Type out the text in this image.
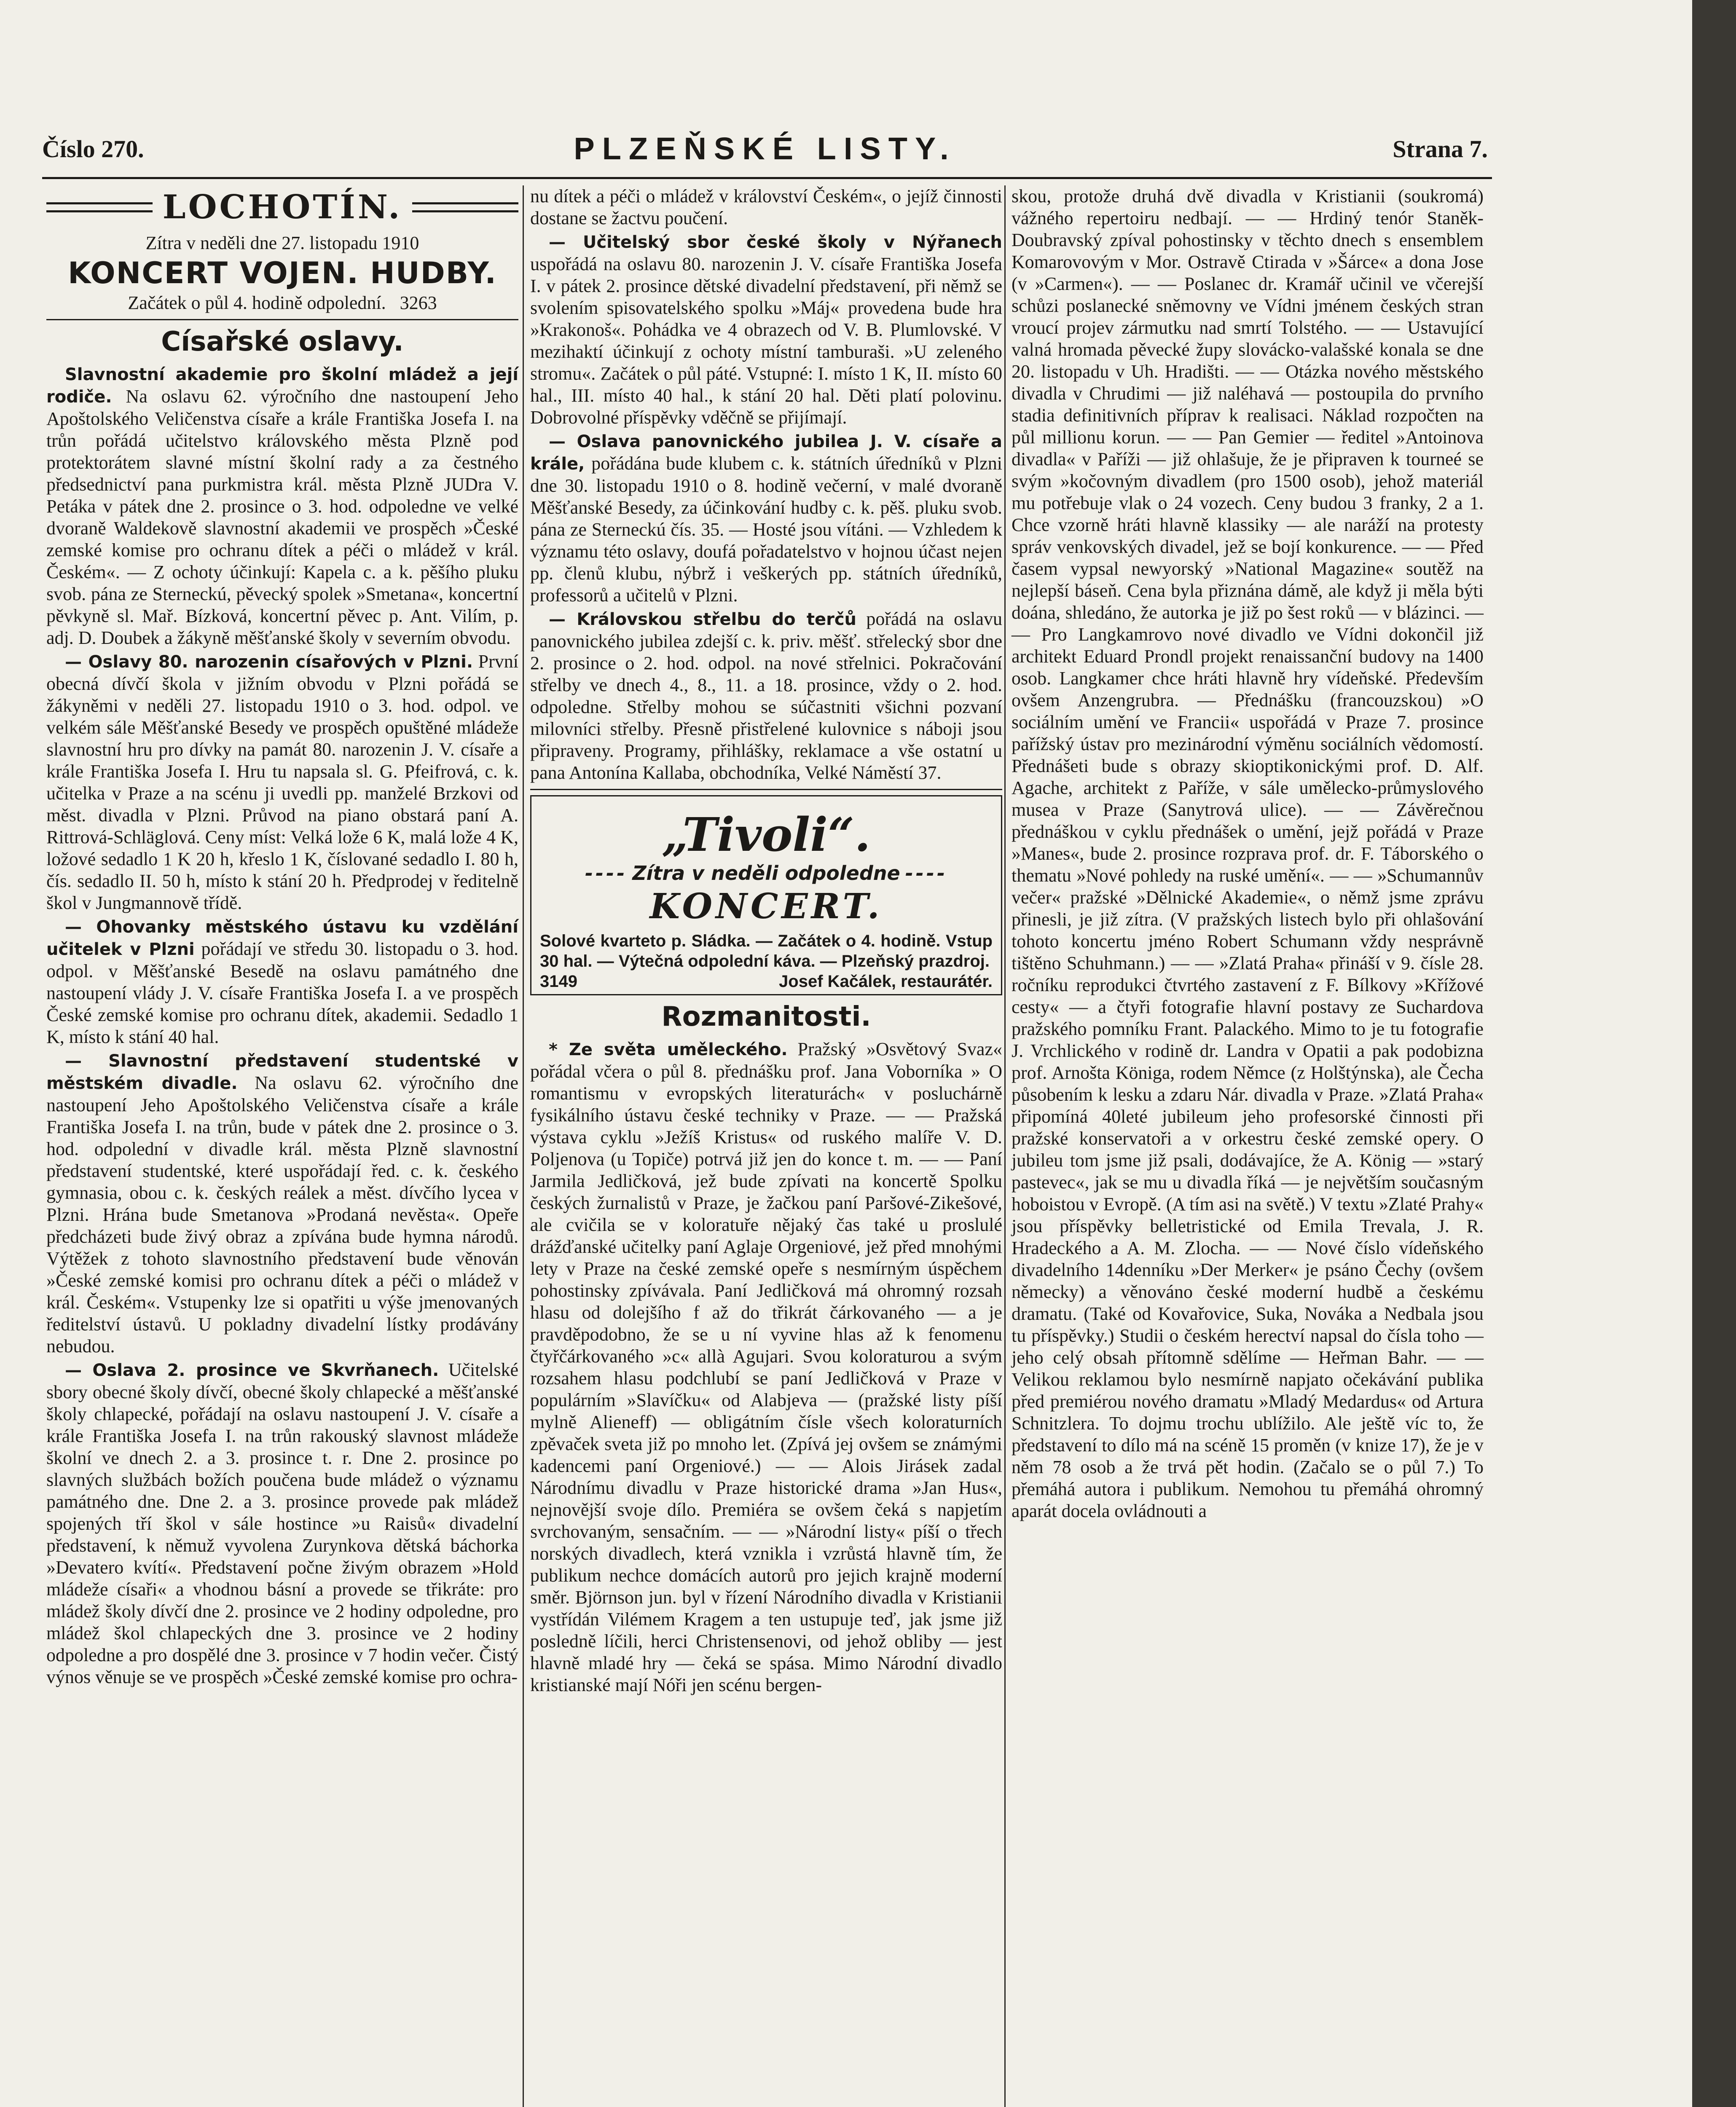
Číslo 270.	PLZEŇSKÉ LISTY.	Strana 7.
LOCHOTÍN.

Zítra v neděli dne 27. listopadu 1910

KONCERT VOJEN. HUDBY.

Začátek o půl 4. hodině odpolední. 3263

Císařské oslavy.

Slavnostní akademie pro školní mládež a její rodiče. Na oslavu 62. výročního dne nastoupení Jeho Apoštolského Veličenstva císaře a krále Františka Josefa I. na trůn pořádá učitelstvo královského města Plzně pod protektorátem slavné místní školní rady a za čestného předsednictví pana purkmistra král. města Plzně JUDra V. Petáka v pátek dne 2. prosince o 3. hod. odpoledne ve velké dvoraně Waldekově slavnostní akademii ve prospěch »České zemské komise pro ochranu dítek a péči o mládež v král. Českém«. — Z ochoty účinkují: Kapela c. a k. pěšího pluku svob. pána ze Sterneckú, pěvecký spolek »Smetana«, koncertní pěvkyně sl. Mař. Bízková, koncertní pěvec p. Ant. Vilím, p. adj. D. Doubek a žákyně měšťanské školy v severním obvodu.

— Oslavy 80. narozenin císařových v Plzni. První obecná dívčí škola v jižním obvodu v Plzni pořádá se žákyněmi v neděli 27. listopadu 1910 o 3. hod. odpol. ve velkém sále Měšťanské Besedy ve prospěch opuštěné mládeže slavnostní hru pro dívky na památ 80. narozenin J. V. císaře a krále Františka Josefa I. Hru tu napsala sl. G. Pfeifrová, c. k. učitelka v Praze a na scénu ji uvedli pp. manželé Brzkovi od měst. divadla v Plzni. Průvod na piano obstará paní A. Rittrová-Schläglová. Ceny míst: Velká lože 6 K, malá lože 4 K, ložové sedadlo 1 K 20 h, křeslo 1 K, číslované sedadlo I. 80 h, čís. sedadlo II. 50 h, místo k stání 20 h. Předprodej v ředitelně škol v Jungmannově třídě.

— Ohovanky městského ústavu ku vzdělání učitelek v Plzni pořádají ve středu 30. listopadu o 3. hod. odpol. v Měšťanské Besedě na oslavu památného dne nastoupení vlády J. V. císaře Františka Josefa I. a ve prospěch České zemské komise pro ochranu dítek, akademii. Sedadlo 1 K, místo k stání 40 hal.

— Slavnostní představení studentské v městském divadle. Na oslavu 62. výročního dne nastoupení Jeho Apoštolského Veličenstva císaře a krále Františka Josefa I. na trůn, bude v pátek dne 2. prosince o 3. hod. odpolední v divadle král. města Plzně slavnostní představení studentské, které uspořádají řed. c. k. českého gymnasia, obou c. k. českých reálek a měst. dívčího lycea v Plzni. Hrána bude Smetanova »Prodaná nevěsta«. Opeře předcházeti bude živý obraz a zpívána bude hymna národů. Výtěžek z tohoto slavnostního představení bude věnován »České zemské komisi pro ochranu dítek a péči o mládež v král. Českém«. Vstupenky lze si opatřiti u výše jmenovaných ředitelství ústavů. U pokladny divadelní lístky prodávány nebudou.

— Oslava 2. prosince ve Skvrňanech. Učitelské sbory obecné školy dívčí, obecné školy chlapecké a měšťanské školy chlapecké, pořádají na oslavu nastoupení J. V. císaře a krále Františka Josefa I. na trůn rakouský slavnost mládeže školní ve dnech 2. a 3. prosince t. r. Dne 2. prosince po slavných službách božích poučena bude mládež o významu památného dne. Dne 2. a 3. prosince provede pak mládež spojených tří škol v sále hostince »u Raisů« divadelní představení, k němuž vyvolena Zurynkova dětská báchorka »Devatero kvítí«. Představení počne živým obrazem »Hold mládeže císaři« a vhodnou básní a provede se třikráte: pro mládež školy dívčí dne 2. prosince ve 2 hodiny odpoledne, pro mládež škol chlapeckých dne 3. prosince ve 2 hodiny odpoledne a pro dospělé dne 3. prosince v 7 hodin večer. Čistý výnos věnuje se ve prospěch »České zemské komise pro ochra-

nu dítek a péči o mládež v království Českém«, o jejíž činnosti dostane se žactvu poučení.

— Učitelský sbor české školy v Nýřanech uspořádá na oslavu 80. narozenin J. V. císaře Františka Josefa I. v pátek 2. prosince dětské divadelní představení, při němž se svolením spisovatelského spolku »Máj« provedena bude hra »Krakonoš«. Pohádka ve 4 obrazech od V. B. Plumlovské. V mezihaktí účinkují z ochoty místní tamburaši. »U zeleného stromu«. Začátek o půl páté. Vstupné: I. místo 1 K, II. místo 60 hal., III. místo 40 hal., k stání 20 hal. Děti platí polovinu. Dobrovolné příspěvky vděčně se přijímají.

— Oslava panovnického jubilea J. V. císaře a krále, pořádána bude klubem c. k. státních úředníků v Plzni dne 30. listopadu 1910 o 8. hodině večerní, v malé dvoraně Měšťanské Besedy, za účinkování hudby c. k. pěš. pluku svob. pána ze Sterneckú čís. 35. — Hosté jsou vítáni. — Vzhledem k významu této oslavy, doufá pořadatelstvo v hojnou účast nejen pp. členů klubu, nýbrž i veškerých pp. státních úředníků, professorů a učitelů v Plzni.

— Královskou střelbu do terčů pořádá na oslavu panovnického jubilea zdejší c. k. priv. měšť. střelecký sbor dne 2. prosince o 2. hod. odpol. na nové střelnici. Pokračování střelby ve dnech 4., 8., 11. a 18. prosince, vždy o 2. hod. odpoledne. Střelby mohou se súčastniti všichni pozvaní milovníci střelby. Přesně přistřelené kulovnice s náboji jsou připraveny. Programy, přihlášky, reklamace a vše ostatní u pana Antonína Kallaba, obchodníka, Velké Náměstí 37.

„Tivoli“.
---- Zítra v neděli odpoledne ----
KONCERT.
Solové kvarteto p. Sládka. — Začátek o 4. hodině. Vstup 30 hal. — Výtečná odpolední káva. — Plzeňský prazdroj.
3149	Josef Kačálek, restaurátér.
Rozmanitosti.

* Ze světa uměleckého. Pražský »Osvětový Svaz« pořádal včera o půl 8. přednášku prof. Jana Voborníka » O romantismu v evropských literaturách« v posluchárně fysikálního ústavu české techniky v Praze. — — Pražská výstava cyklu »Ježíš Kristus« od ruského malíře V. D. Poljenova (u Topiče) potrvá již jen do konce t. m. — — Paní Jarmila Jedličková, jež bude zpívati na koncertě Spolku českých žurnalistů v Praze, je žačkou paní Paršové-Zikešové, ale cvičila se v koloratuře nějaký čas také u proslulé drážďanské učitelky paní Aglaje Orgeniové, jež před mnohými lety v Praze na české zemské opeře s nesmírným úspěchem pohostinsky zpívávala. Paní Jedličková má ohromný rozsah hlasu od dolejšího f až do třikrát čárkovaného — a je pravděpodobno, že se u ní vyvine hlas až k fenomenu čtyřčárkovaného »c« allà Agujari. Svou koloraturou a svým rozsahem hlasu podchlubí se paní Jedličková v Praze v populárním »Slavíčku« od Alabjeva — (pražské listy píší mylně Alieneff) — obligátním čísle všech koloraturních zpěvaček sveta již po mnoho let. (Zpívá jej ovšem se známými kadencemi paní Orgeniové.) — — Alois Jirásek zadal Národnímu divadlu v Praze historické drama »Jan Hus«, nejnovější svoje dílo. Premiéra se ovšem čeká s napjetím svrchovaným, sensačním. — — »Národní listy« píší o třech norských divadlech, která vznikla i vzrůstá hlavně tím, že publikum nechce domácích autorů pro jejich krajně moderní směr. Björnson jun. byl v řízení Národního divadla v Kristianii vystřídán Vilémem Kragem a ten ustupuje teď, jak jsme již posledně líčili, herci Christensenovi, od jehož obliby — jest hlavně mladé hry — čeká se spása. Mimo Národní divadlo kristianské mají Nóři jen scénu bergen-

skou, protože druhá dvě divadla v Kristianii (soukromá) vážného repertoiru nedbají. — — Hrdiný tenór Staněk-Doubravský zpíval pohostinsky v těchto dnech s ensemblem Komarovovým v Mor. Ostravě Ctirada v »Šárce« a dona Jose (v »Carmen«). — — Poslanec dr. Kramář učinil ve včerejší schůzi poslanecké sněmovny ve Vídni jménem českých stran vroucí projev zármutku nad smrtí Tolstého. — — Ustavující valná hromada pěvecké župy slovácko-valašské konala se dne 20. listopadu v Uh. Hradišti. — — Otázka nového městského divadla v Chrudimi — již naléhavá — postoupila do prvního stadia definitivních příprav k realisaci. Náklad rozpočten na půl millionu korun. — — Pan Gemier — ředitel »Antoinova divadla« v Paříži — již ohlašuje, že je připraven k tourneé se svým »kočovným divadlem (pro 1500 osob), jehož materiál mu potřebuje vlak o 24 vozech. Ceny budou 3 franky, 2 a 1. Chce vzorně hráti hlavně klassiky — ale naráží na protesty správ venkovských divadel, jež se bojí konkurence. — — Před časem vypsal newyorský »National Magazine« soutěž na nejlepší báseň. Cena byla přiznána dámě, ale když ji měla býti doána, shledáno, že autorka je již po šest roků — v blázinci. — — Pro Langkamrovo nové divadlo ve Vídni dokončil již architekt Eduard Prondl projekt renaissanční budovy na 1400 osob. Langkamer chce hráti hlavně hry vídeňské. Především ovšem Anzengrubra. — Přednášku (francouzskou) »O sociálním umění ve Francii« uspořádá v Praze 7. prosince pařížský ústav pro mezinárodní výměnu sociálních vědomostí. Přednášeti bude s obrazy skioptikonickými prof. D. Alf. Agache, architekt z Paříže, v sále umělecko-průmyslového musea v Praze (Sanytrová ulice). — — Závěrečnou přednáškou v cyklu přednášek o umění, jejž pořádá v Praze »Manes«, bude 2. prosince rozprava prof. dr. F. Táborského o thematu »Nové pohledy na ruské umění«. — — »Schumannův večer« pražské »Dělnické Akademie«, o němž jsme zprávu přinesli, je již zítra. (V pražských listech bylo při ohlašování tohoto koncertu jméno Robert Schumann vždy nesprávně tištěno Schuhmann.) — — »Zlatá Praha« přináší v 9. čísle 28. ročníku reprodukci čtvrtého zastavení z F. Bílkovy »Křížové cesty« — a čtyři fotografie hlavní postavy ze Suchardova pražského pomníku Frant. Palackého. Mimo to je tu fotografie J. Vrchlického v rodině dr. Landra v Opatii a pak podobizna prof. Arnošta Königa, rodem Němce (z Holštýnska), ale Čecha působením k lesku a zdaru Nár. divadla v Praze. »Zlatá Praha« připomíná 40leté jubileum jeho profesorské činnosti při pražské konservatoři a v orkestru české zemské opery. O jubileu tom jsme již psali, dodávajíce, že A. König — »starý pastevec«, jak se mu u divadla říká — je největším současným hoboistou v Evropě. (A tím asi na světě.) V textu »Zlaté Prahy« jsou příspěvky belletristické od Emila Trevala, J. R. Hradeckého a A. M. Zlocha. — — Nové číslo vídeňského divadelního 14denníku »Der Merker« je psáno Čechy (ovšem německy) a věnováno české moderní hudbě a českému dramatu. (Také od Kovařovice, Suka, Nováka a Nedbala jsou tu příspěvky.) Studii o českém herectví napsal do čísla toho — jeho celý obsah přítomně sdělíme — Heřman Bahr. — — Velikou reklamou bylo nesmírně napjato očekávání publika před premiérou nového dramatu »Mladý Medardus« od Artura Schnitzlera. To dojmu trochu ublížilo. Ale ještě víc to, že představení to dílo má na scéně 15 proměn (v knize 17), že je v něm 78 osob a že trvá pět hodin. (Začalo se o půl 7.) To přemáhá autora i publikum. Nemohou tu přemáhá ohromný aparát docela ovládnouti a
